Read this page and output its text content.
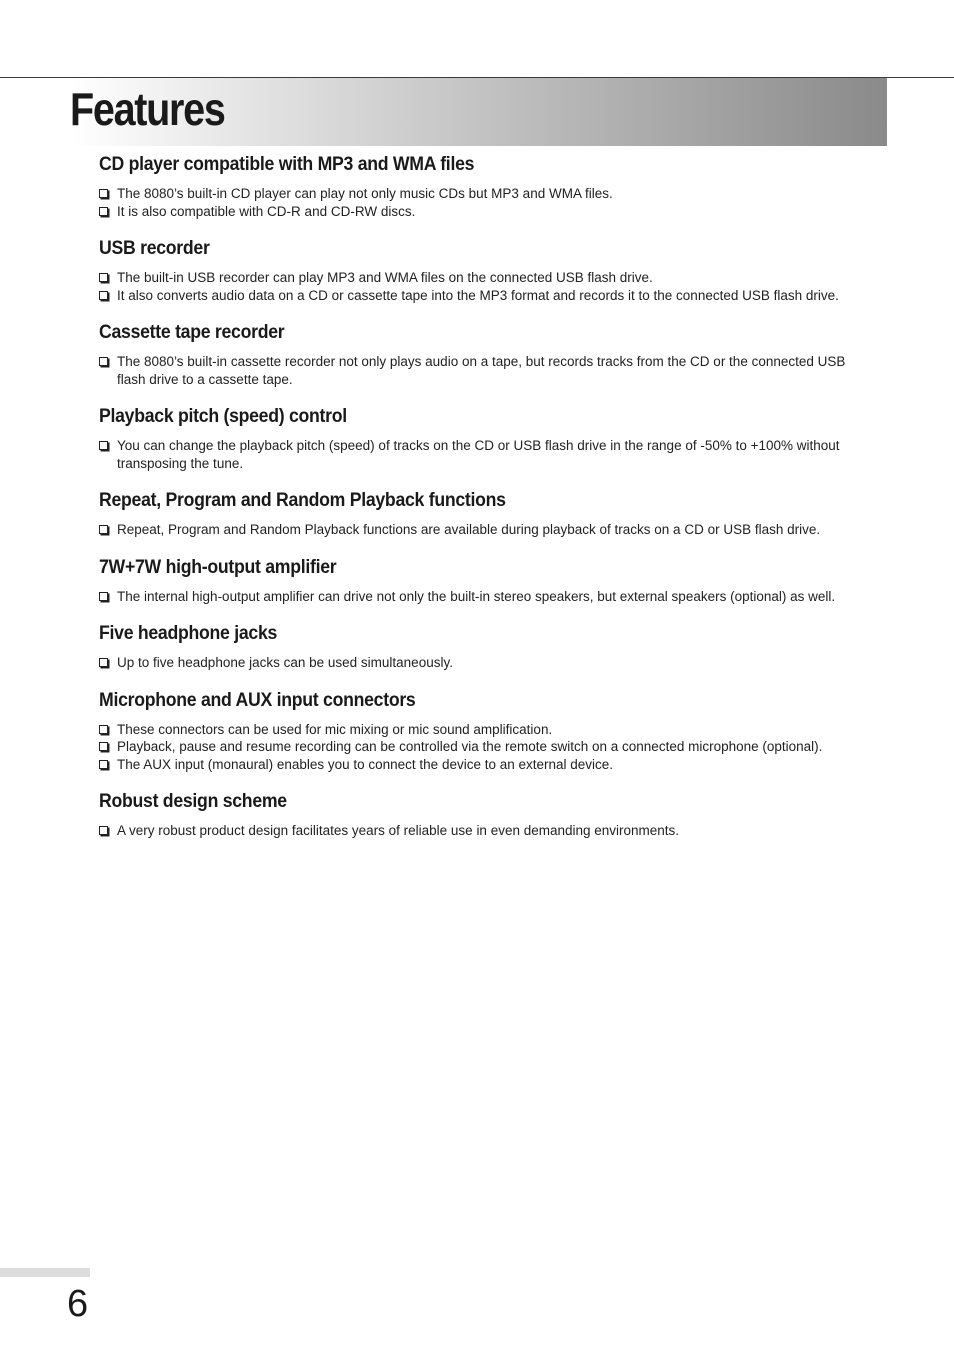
Features
CD player compatible with MP3 and WMA files
The 8080’s built-in CD player can play not only music CDs but MP3 and WMA files.
It is also compatible with CD-R and CD-RW discs.
USB recorder
The built-in USB recorder can play MP3 and WMA files on the connected USB flash drive.
It also converts audio data on a CD or cassette tape into the MP3 format and records it to the connected USB flash drive.
Cassette tape recorder
The 8080’s built-in cassette recorder not only plays audio on a tape, but records tracks from the CD or the connected USB flash drive to a cassette tape.
Playback pitch (speed) control
You can change the playback pitch (speed) of tracks on the CD or USB flash drive in the range of -50% to +100% without transposing the tune.
Repeat, Program and Random Playback functions
Repeat, Program and Random Playback functions are available during playback of tracks on a CD or USB flash drive.
7W+7W high-output amplifier
The internal high-output amplifier can drive not only the built-in stereo speakers, but external speakers (optional) as well.
Five headphone jacks
Up to five headphone jacks can be used simultaneously.
Microphone and AUX input connectors
These connectors can be used for mic mixing or mic sound amplification.
Playback, pause and resume recording can be controlled via the remote switch on a connected microphone (optional).
The AUX input (monaural) enables you to connect the device to an external device.
Robust design scheme
A very robust product design facilitates years of reliable use in even demanding environments.
6
